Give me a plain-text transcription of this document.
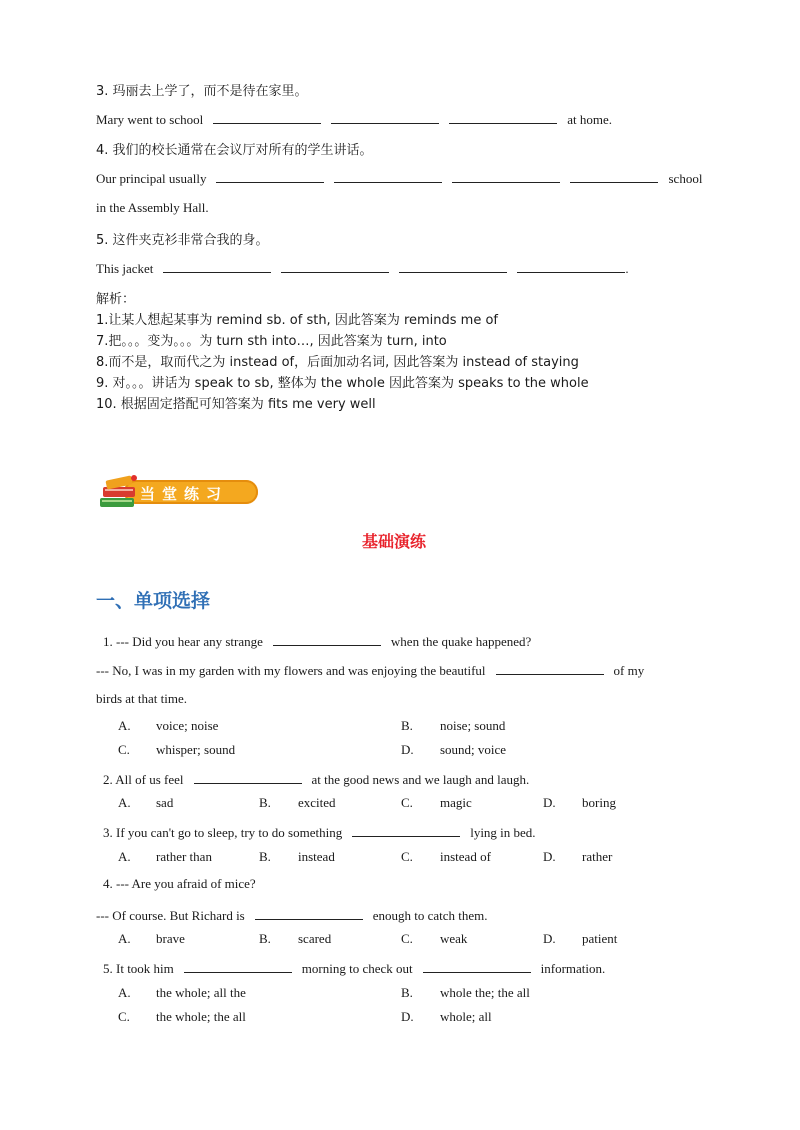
3. 玛丽去上学了，而不是待在家里。
Mary went to school	at home.
4. 我们的校长通常在会议厅对所有的学生讲话。
Our principal usually	school
in the Assembly Hall.
5. 这件夹克衫非常合我的身。
This jacket	.
解析：
1.让某人想起某事为 remind sb. of sth, 因此答案为 reminds me of
7.把。。。变为。。。为 turn sth into…, 因此答案为 turn, into
8.而不是，取而代之为 instead of，后面加动名词, 因此答案为 instead of staying
9. 对。。。讲话为 speak to sb, 整体为 the whole 因此答案为 speaks to the whole
10. 根据固定搭配可知答案为 fits me very well
当堂练习
基础演练
一、单项选择
1. --- Did you hear any strange	when the quake happened?
--- No, I was in my garden with my flowers and was enjoying the beautiful	of my
birds at that time.
A. voice; noise	B. noise; sound
C. whisper; sound	D. sound; voice
2. All of us feel	at the good news and we laugh and laugh.
A. sad	B. excited	C. magic	D. boring
3. If you can't go to sleep, try to do something	lying in bed.
A. rather than	B. instead	C. instead of	D. rather
4. --- Are you afraid of mice?
--- Of course. But Richard is	enough to catch them.
A. brave	B. scared	C. weak	D. patient
5. It took him	morning to check out	information.
A. the whole; all the	B. whole the; the all
C. the whole; the all	D. whole; all
